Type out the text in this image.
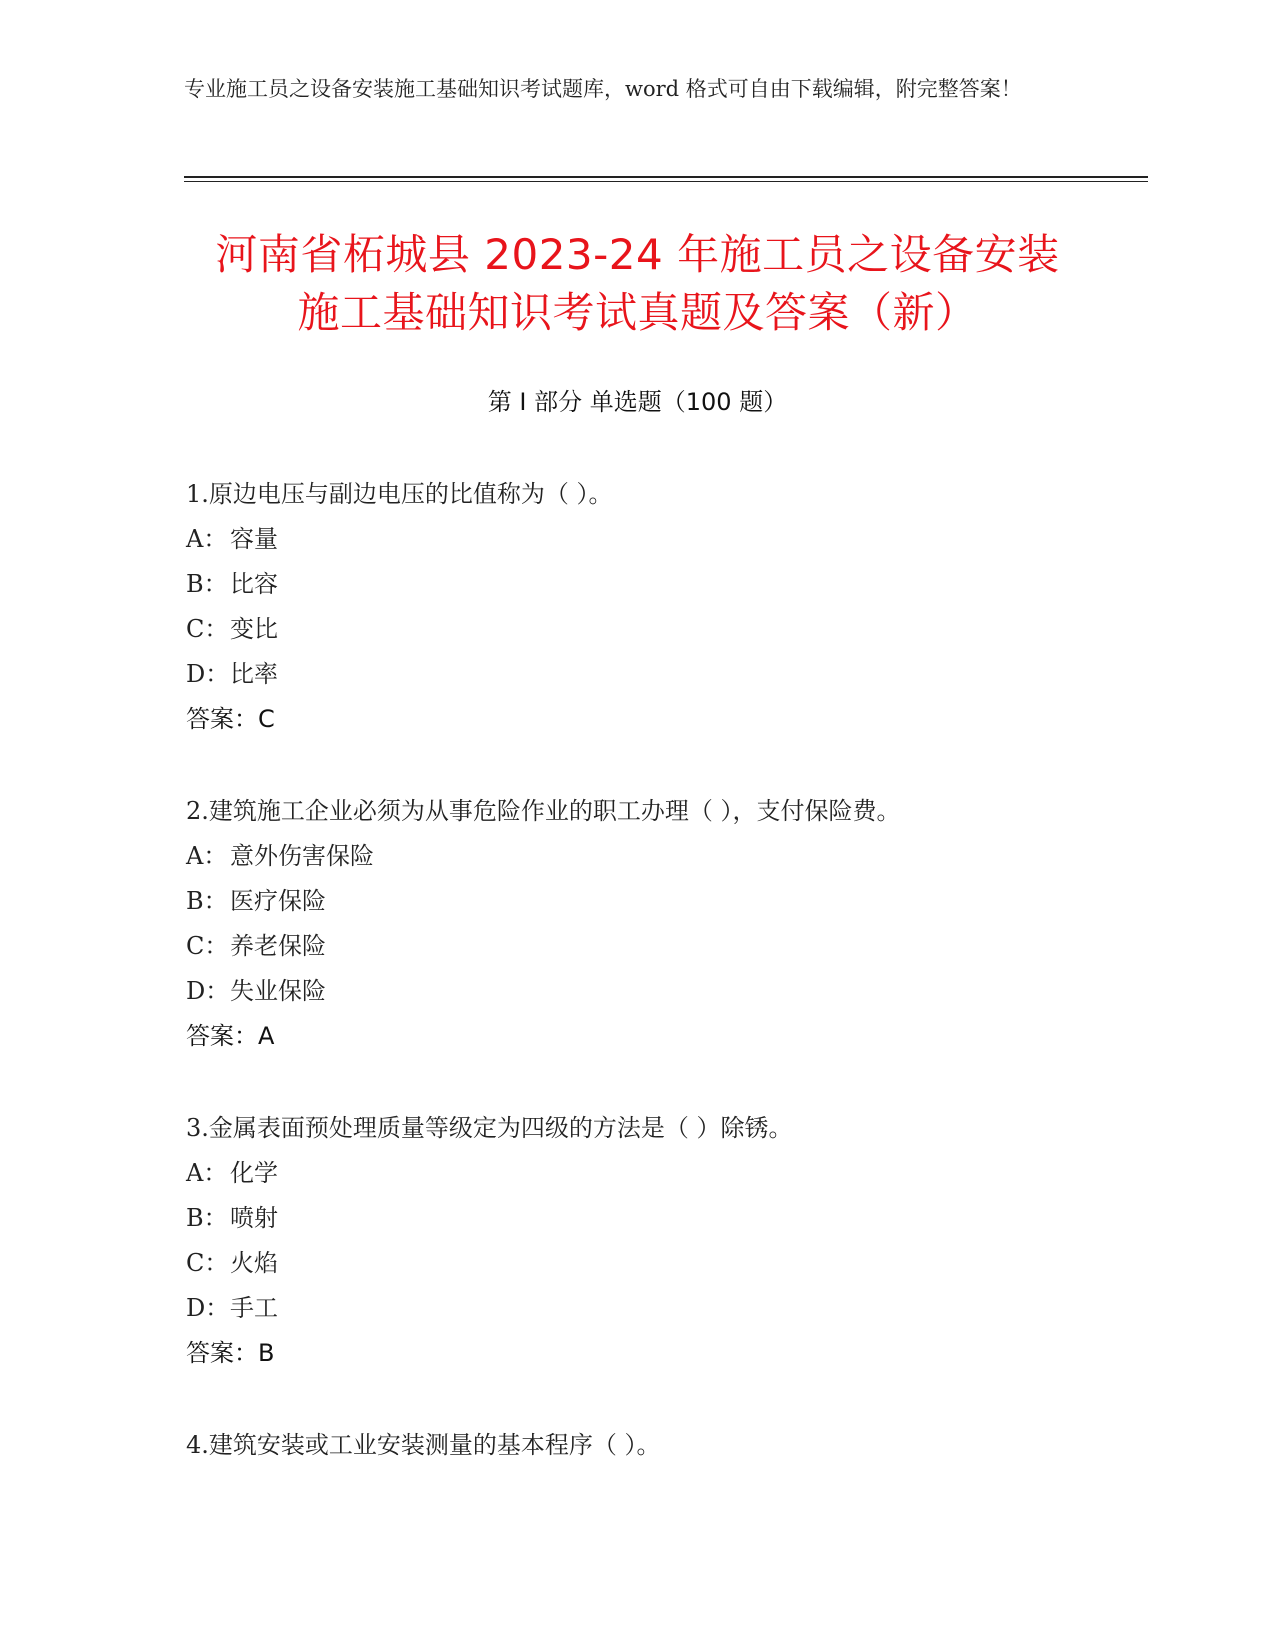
专业施工员之设备安装施工基础知识考试题库，word 格式可自由下载编辑，附完整答案！
河南省柘城县 2023-24 年施工员之设备安装
施工基础知识考试真题及答案（新）
第 I 部分 单选题（100 题）
1.原边电压与副边电压的比值称为（ ）。
A： 容量
B：比容
C：变比
D：比率
答案：C
2.建筑施工企业必须为从事危险作业的职工办理（ ），支付保险费。
A： 意外伤害保险
B：医疗保险
C：养老保险
D：失业保险
答案：A
3.金属表面预处理质量等级定为四级的方法是（ ）除锈。
A： 化学
B：喷射
C：火焰
D：手工
答案：B
4.建筑安装或工业安装测量的基本程序（ ）。
